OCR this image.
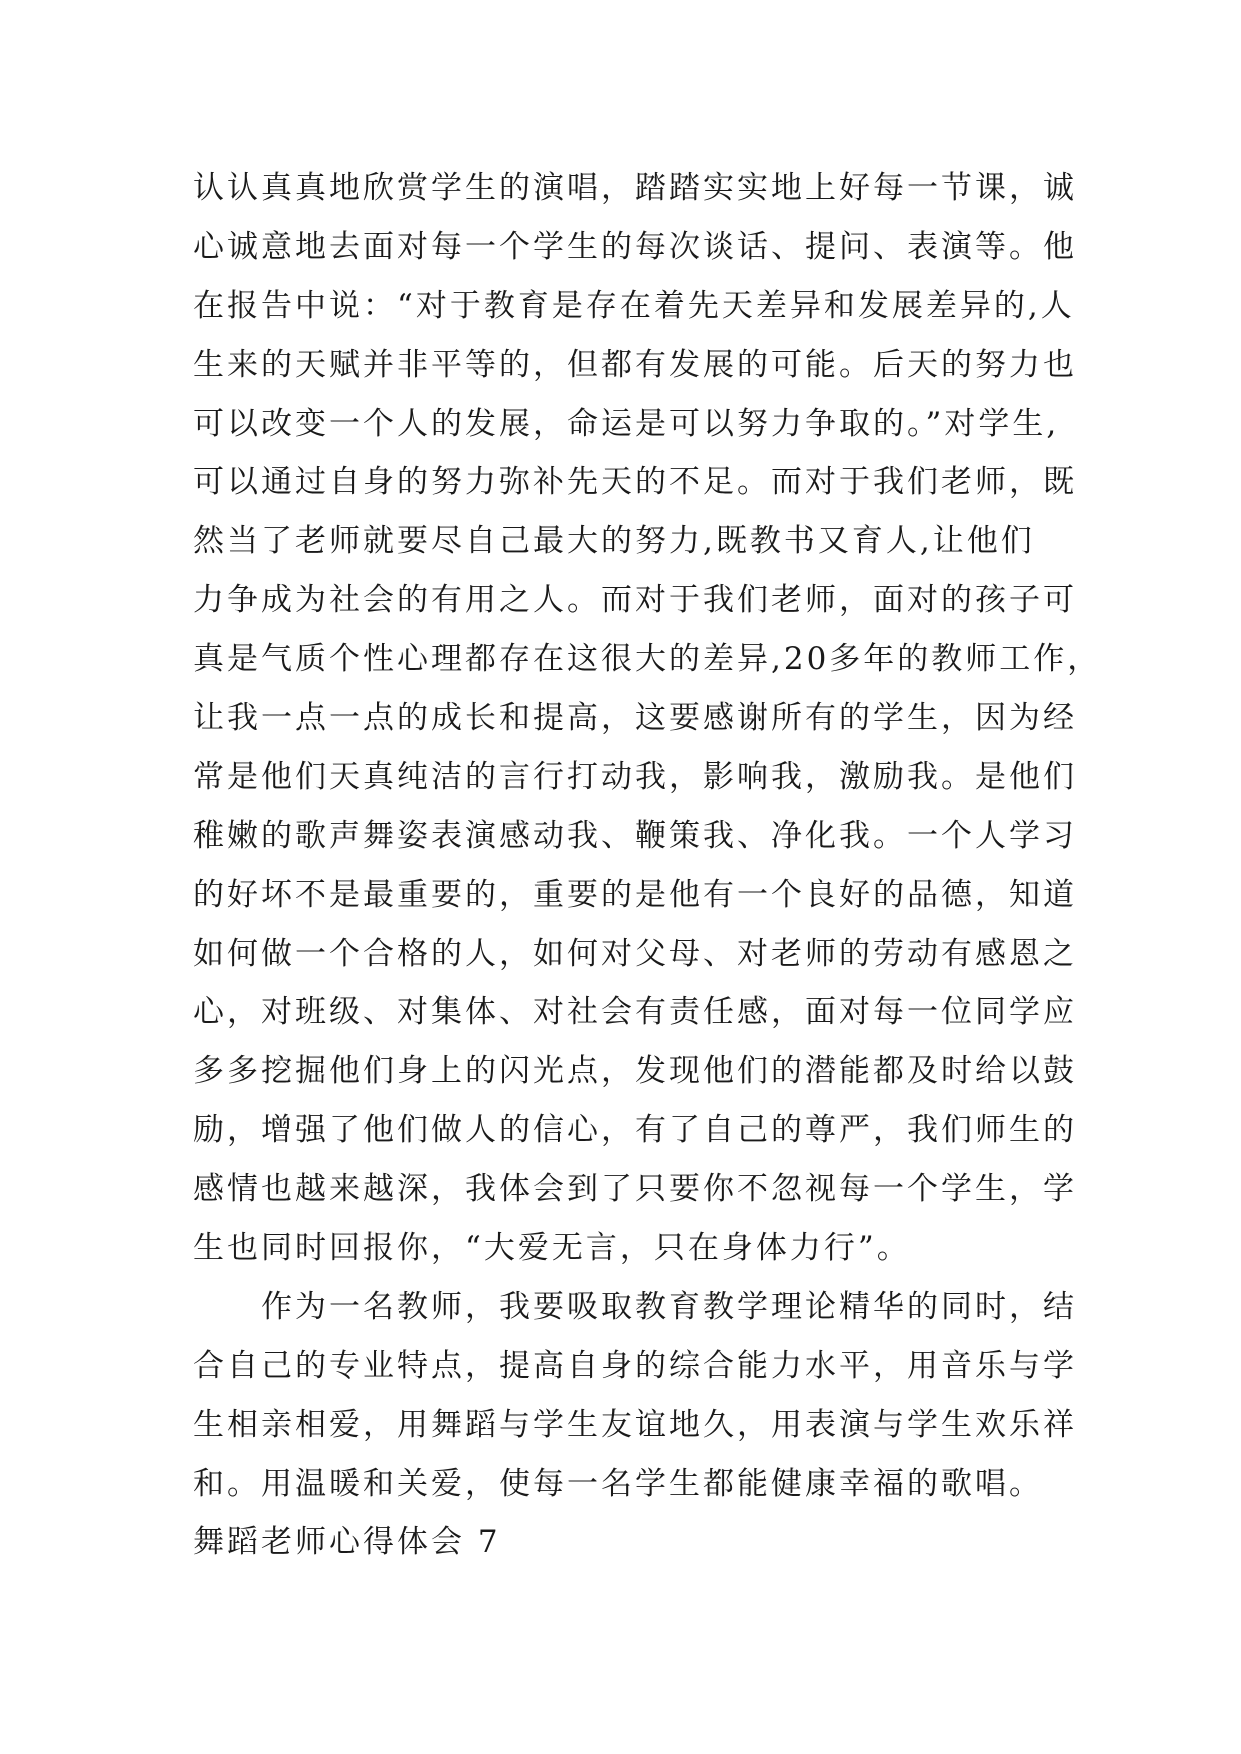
认认真真地欣赏学生的演唱，踏踏实实地上好每一节课，诚

心诚意地去面对每一个学生的每次谈话、提问、表演等。他

在报告中说：“对于教育是存在着先天差异和发展差异的,人

生来的天赋并非平等的，但都有发展的可能。后天的努力也

可以改变一个人的发展，命运是可以努力争取的。”对学生,

可以通过自身的努力弥补先天的不足。而对于我们老师，既

然当了老师就要尽自己最大的努力,既教书又育人,让他们

力争成为社会的有用之人。而对于我们老师，面对的孩子可

真是气质个性心理都存在这很大的差异,20多年的教师工作，

让我一点一点的成长和提高，这要感谢所有的学生，因为经

常是他们天真纯洁的言行打动我，影响我，激励我。是他们

稚嫩的歌声舞姿表演感动我、鞭策我、净化我。一个人学习

的好坏不是最重要的，重要的是他有一个良好的品德，知道

如何做一个合格的人，如何对父母、对老师的劳动有感恩之

心，对班级、对集体、对社会有责任感，面对每一位同学应

多多挖掘他们身上的闪光点，发现他们的潜能都及时给以鼓

励，增强了他们做人的信心，有了自己的尊严，我们师生的

感情也越来越深，我体会到了只要你不忽视每一个学生，学

生也同时回报你，“大爱无言，只在身体力行”。

作为一名教师，我要吸取教育教学理论精华的同时，结

合自己的专业特点，提高自身的综合能力水平，用音乐与学

生相亲相爱，用舞蹈与学生友谊地久，用表演与学生欢乐祥

和。用温暖和关爱，使每一名学生都能健康幸福的歌唱。

舞蹈老师心得体会 7
